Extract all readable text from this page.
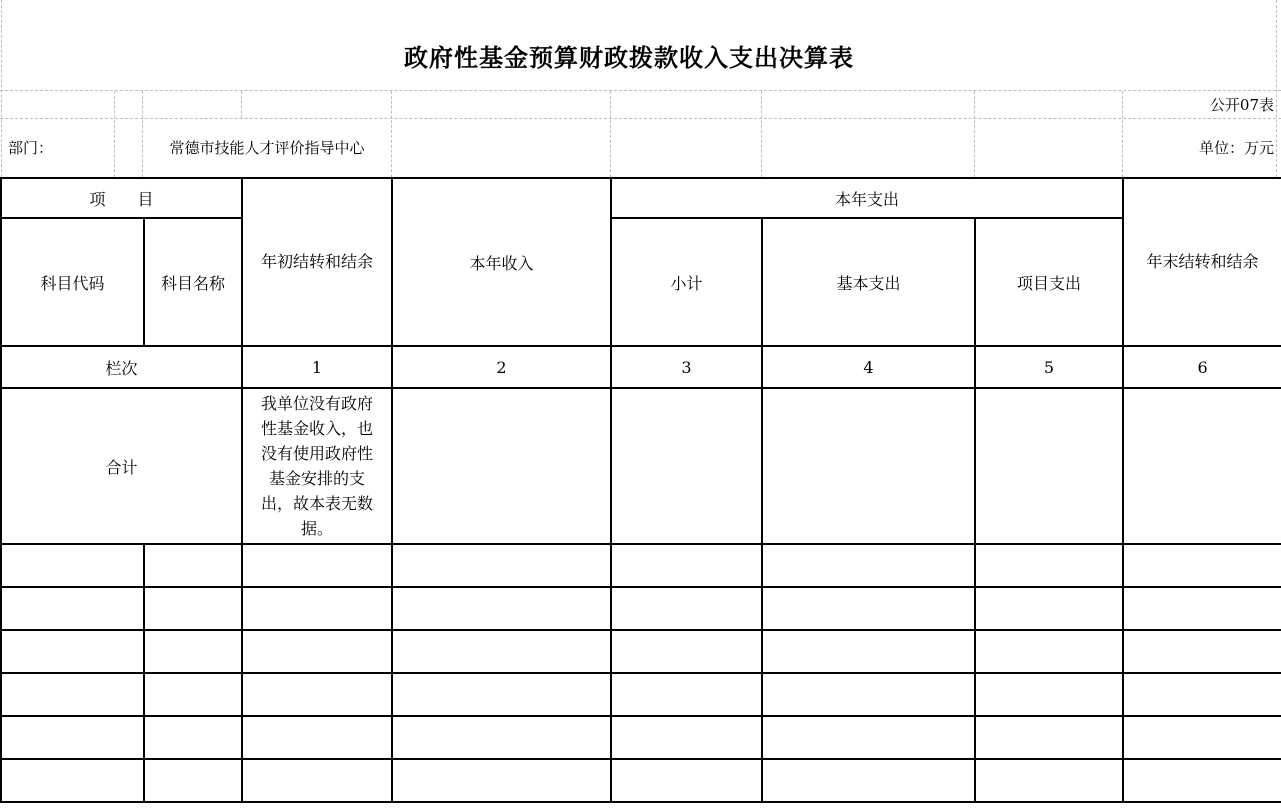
政府性基金预算财政拨款收入支出决算表
公开07表
部门：	常德市技能人才评价指导中心	单位：万元
项　　目		年初结转和结余	本年收入	本年支出			年末结转和结余

科目代码	科目名称			小计	基本支出	项目支出	
栏次		1	2	3	4	5	6
合计		我单位没有政府性基金收入，也没有使用政府性基金安排的支出，故本表无数据。					
